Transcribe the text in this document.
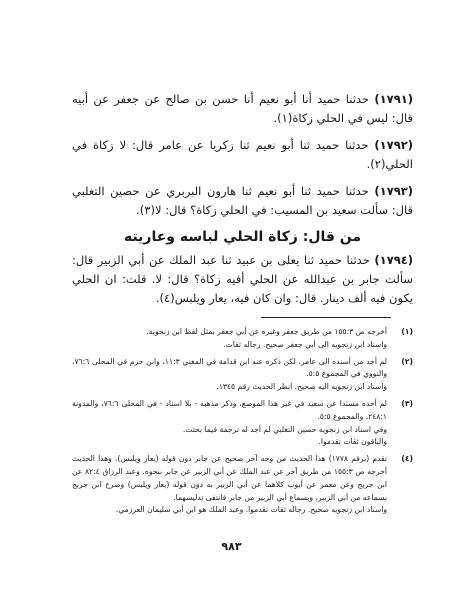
(١٧٩١) حدثنا حميد أنا أبو نعيم أنا حسن بن صالح عن جعفر عن أبيه قال: ليس في الحلي زكاة(١).

(١٧٩٢) حدثنا حميد ثنا أبو نعيم ثنا زكريا عن عامر قال: لا زكاة في الحلي(٢).

(١٧٩٣) حدثنا حميد ثنا أبو نعيم ثنا هارون البربري عن حصين التغلبي قال: سألت سعيد بن المسيب: في الحلي زكاة؟ قال: لا(٣).

من قال: زكاة الحلي لباسه وعاريته

(١٧٩٤) حدثنا حميد ثنا يعلى بن عبيد ثنا عبد الملك عن أبي الزبير قال: سألت جابر بن عبدالله عن الحلي أفيه زكاة؟ قال: لا. قلت: ان الحلي يكون فيه ألف دينار. قال: وان كان فيه، يعار ويلبس(٤).

(١)

أخرجه ص ١٥٥:٣ من طريق جعفر وغيره عن أبي جعفر بمثل لفظ ابن زنجويه.

واسناد ابن زنجويه الى أبي جعفر صحيح. رجاله ثقات.

(٢)

لم أجد من أسنده الى عامر، لكن ذكره عنه ابن قدامة في المغني ١١:٣، وابن حزم في المحلى ٧٦:٦، والنووي في المجموع ٥:٥.

واسناد ابن زنجويه اليه صحيح. انظر الحديث رقم ١٣٤٥.

(٣)

لم أجده مسندا عن سعيد في غير هذا الموضع، وذكر مذهبه - بلا اسناد - في المحلى ٧٦:٦، والمدونة ٢٤٨:١، والمجموع ٥:٥.

وفي اسناد ابن زنجويه حصين التغلبي لم أجد له ترجمة فيما بحثت.

والباقون ثقات تقدموا.

(٤)

تقدم (برقم ١٧٧٨) هذا الحديث من وجه آخر صحيح عن جابر دون قوله (يعار ويلبس). وهذا الحديث أخرجه ص ١٥٥:٣ من طريق آخر عن عبد الملك عن أبي الزبير عن جابر بنحوه. وعبد الرزاق ٨٢:٤ عن ابن جريج وعن معمر عن أيوب كلاهما عن أبي الزبير به دون قوله (يعار ويلبس) وصرح ابن جريج بسماعه من أبي الزبير، وبسماع أبي الزبير من جابر فانتفى تدليسهما.

واسناد ابن زنجويه صحيح. رجاله ثقات تقدموا. وعبد الملك هو ابن أبي سليمان العرزمي.

٩٨٣
